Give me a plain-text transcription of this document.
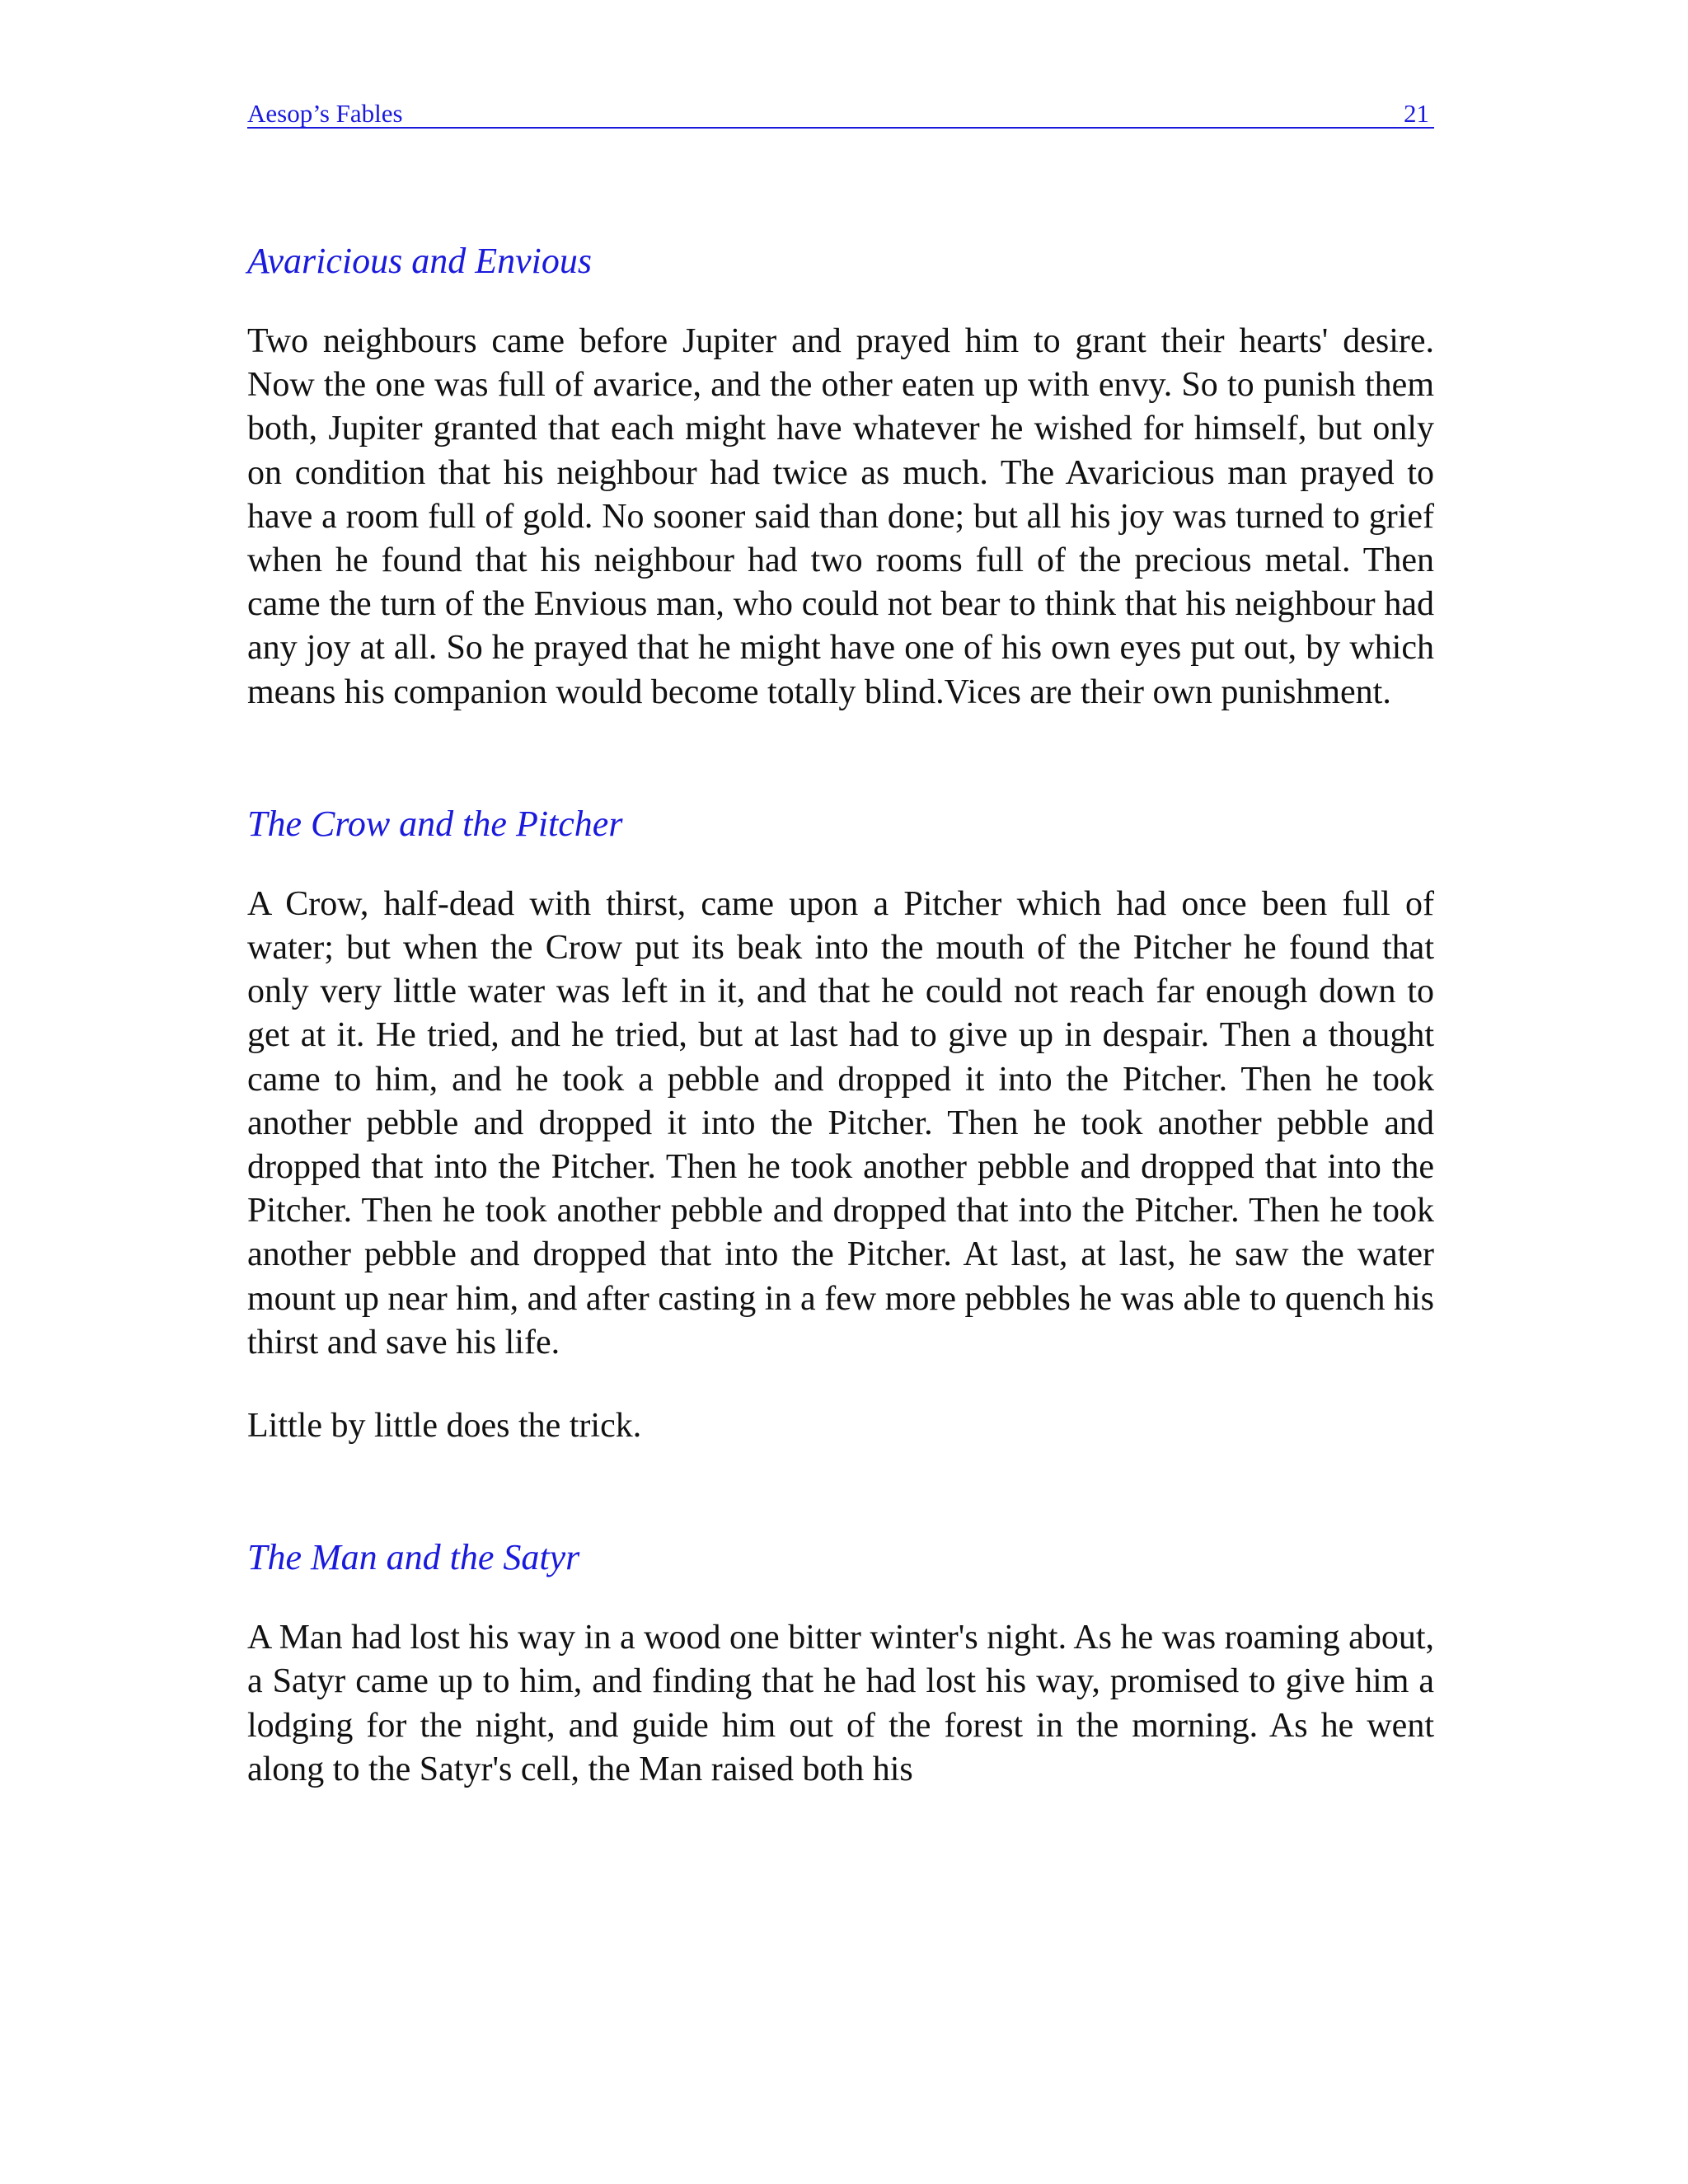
Aesop’s Fables	21
Avaricious and Envious

Two neighbours came before Jupiter and prayed him to grant their hearts' desire. Now the one was full of avarice, and the other eaten up with envy. So to punish them both, Jupiter granted that each might have whatever he wished for himself, but only on condition that his neighbour had twice as much. The Avaricious man prayed to have a room full of gold. No sooner said than done; but all his joy was turned to grief when he found that his neighbour had two rooms full of the precious metal. Then came the turn of the Envious man, who could not bear to think that his neighbour had any joy at all. So he prayed that he might have one of his own eyes put out, by which means his companion would become totally blind.Vices are their own punishment.

The Crow and the Pitcher

A Crow, half-dead with thirst, came upon a Pitcher which had once been full of water; but when the Crow put its beak into the mouth of the Pitcher he found that only very little water was left in it, and that he could not reach far enough down to get at it. He tried, and he tried, but at last had to give up in despair. Then a thought came to him, and he took a pebble and dropped it into the Pitcher. Then he took another pebble and dropped it into the Pitcher. Then he took another pebble and dropped that into the Pitcher. Then he took another pebble and dropped that into the Pitcher. Then he took another pebble and dropped that into the Pitcher. Then he took another pebble and dropped that into the Pitcher. At last, at last, he saw the water mount up near him, and after casting in a few more pebbles he was able to quench his thirst and save his life.

Little by little does the trick.

The Man and the Satyr

A Man had lost his way in a wood one bitter winter's night. As he was roaming about, a Satyr came up to him, and finding that he had lost his way, promised to give him a lodging for the night, and guide him out of the forest in the morning. As he went along to the Satyr's cell, the Man raised both his
